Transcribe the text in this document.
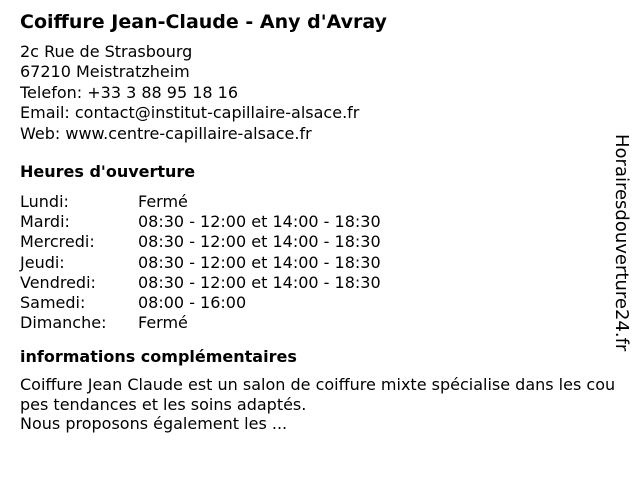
Coiffure Jean-Claude - Any d'Avray
2c Rue de Strasbourg
67210 Meistratzheim
Telefon: +33 3 88 95 18 16
Email: contact@institut-capillaire-alsace.fr
Web: www.centre-capillaire-alsace.fr
Heures d'ouverture
Lundi:	Fermé
Mardi:	08:30 - 12:00 et 14:00 - 18:30
Mercredi:	08:30 - 12:00 et 14:00 - 18:30
Jeudi:	08:30 - 12:00 et 14:00 - 18:30
Vendredi:	08:30 - 12:00 et 14:00 - 18:30
Samedi:	08:00 - 16:00
Dimanche:	Fermé
informations complémentaires
Coiffure Jean Claude est un salon de coiffure mixte spécialise dans les coupes tendances et les soins adaptés.
Nous proposons également les ...
Horairesdouverture24.fr
